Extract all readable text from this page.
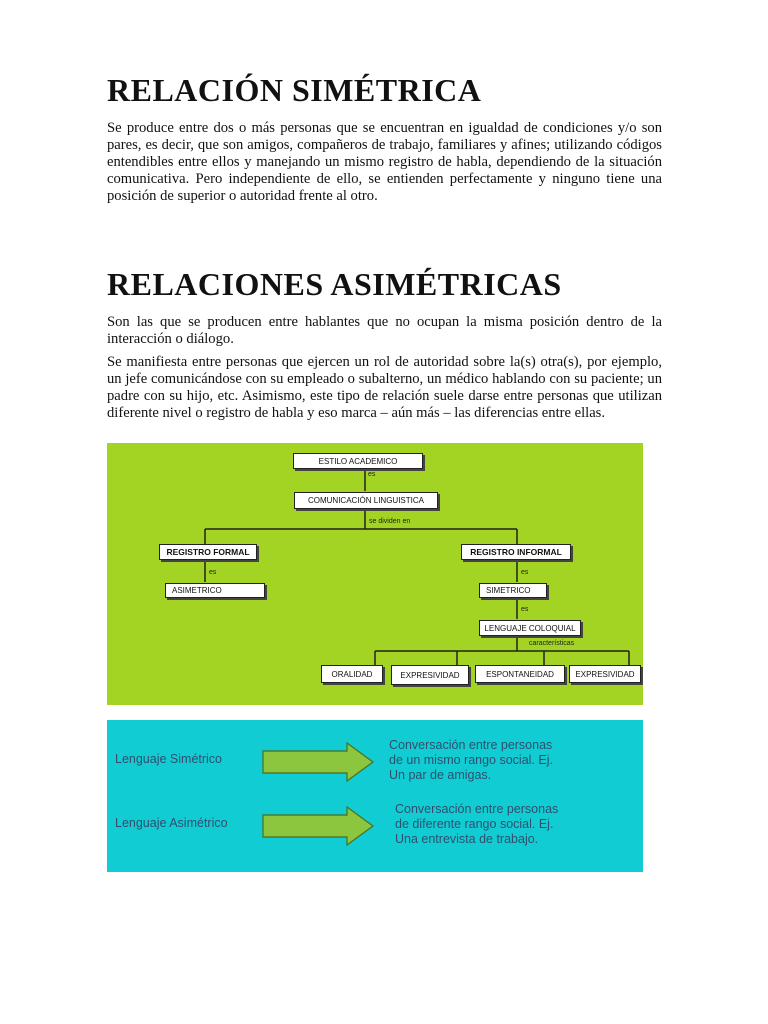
RELACIÓN SIMÉTRICA

Se produce entre dos o más personas que se encuentran en igualdad de condiciones y/o son pares, es decir, que son amigos, compañeros de trabajo, familiares y afines; utilizando códigos entendibles entre ellos y manejando un mismo registro de habla, dependiendo de la situación comunicativa. Pero independiente de ello, se entienden perfectamente y ninguno tiene una posición de superior o autoridad frente al otro.

RELACIONES ASIMÉTRICAS

Son las que se producen entre hablantes que no ocupan la misma posición dentro de la interacción o diálogo.

Se manifiesta entre personas que ejercen un rol de autoridad sobre la(s) otra(s), por ejemplo, un jefe comunicándose con su empleado o subalterno, un médico hablando con su paciente; un padre con su hijo, etc. Asimismo, este tipo de relación suele darse entre personas que utilizan diferente nivel o registro de habla y eso marca – aún más – las diferencias entre ellas.

ESTILO ACADEMICO
es
COMUNICACIÓN LINGUISTICA
se dividen en
REGISTRO FORMAL	REGISTRO INFORMAL
es
ASIMETRICO
es
SIMETRICO
es
LENGUAJE COLOQUIAL
características
ORALIDAD	EXPRESIVIDAD	ESPONTANEIDAD	EXPRESIVIDAD
Lenguaje Simétrico

Conversación entre personas
de un mismo rango social. Ej.
Un par de amigas.

Lenguaje Asimétrico

Conversación entre personas
de diferente rango social. Ej.
Una entrevista de trabajo.
